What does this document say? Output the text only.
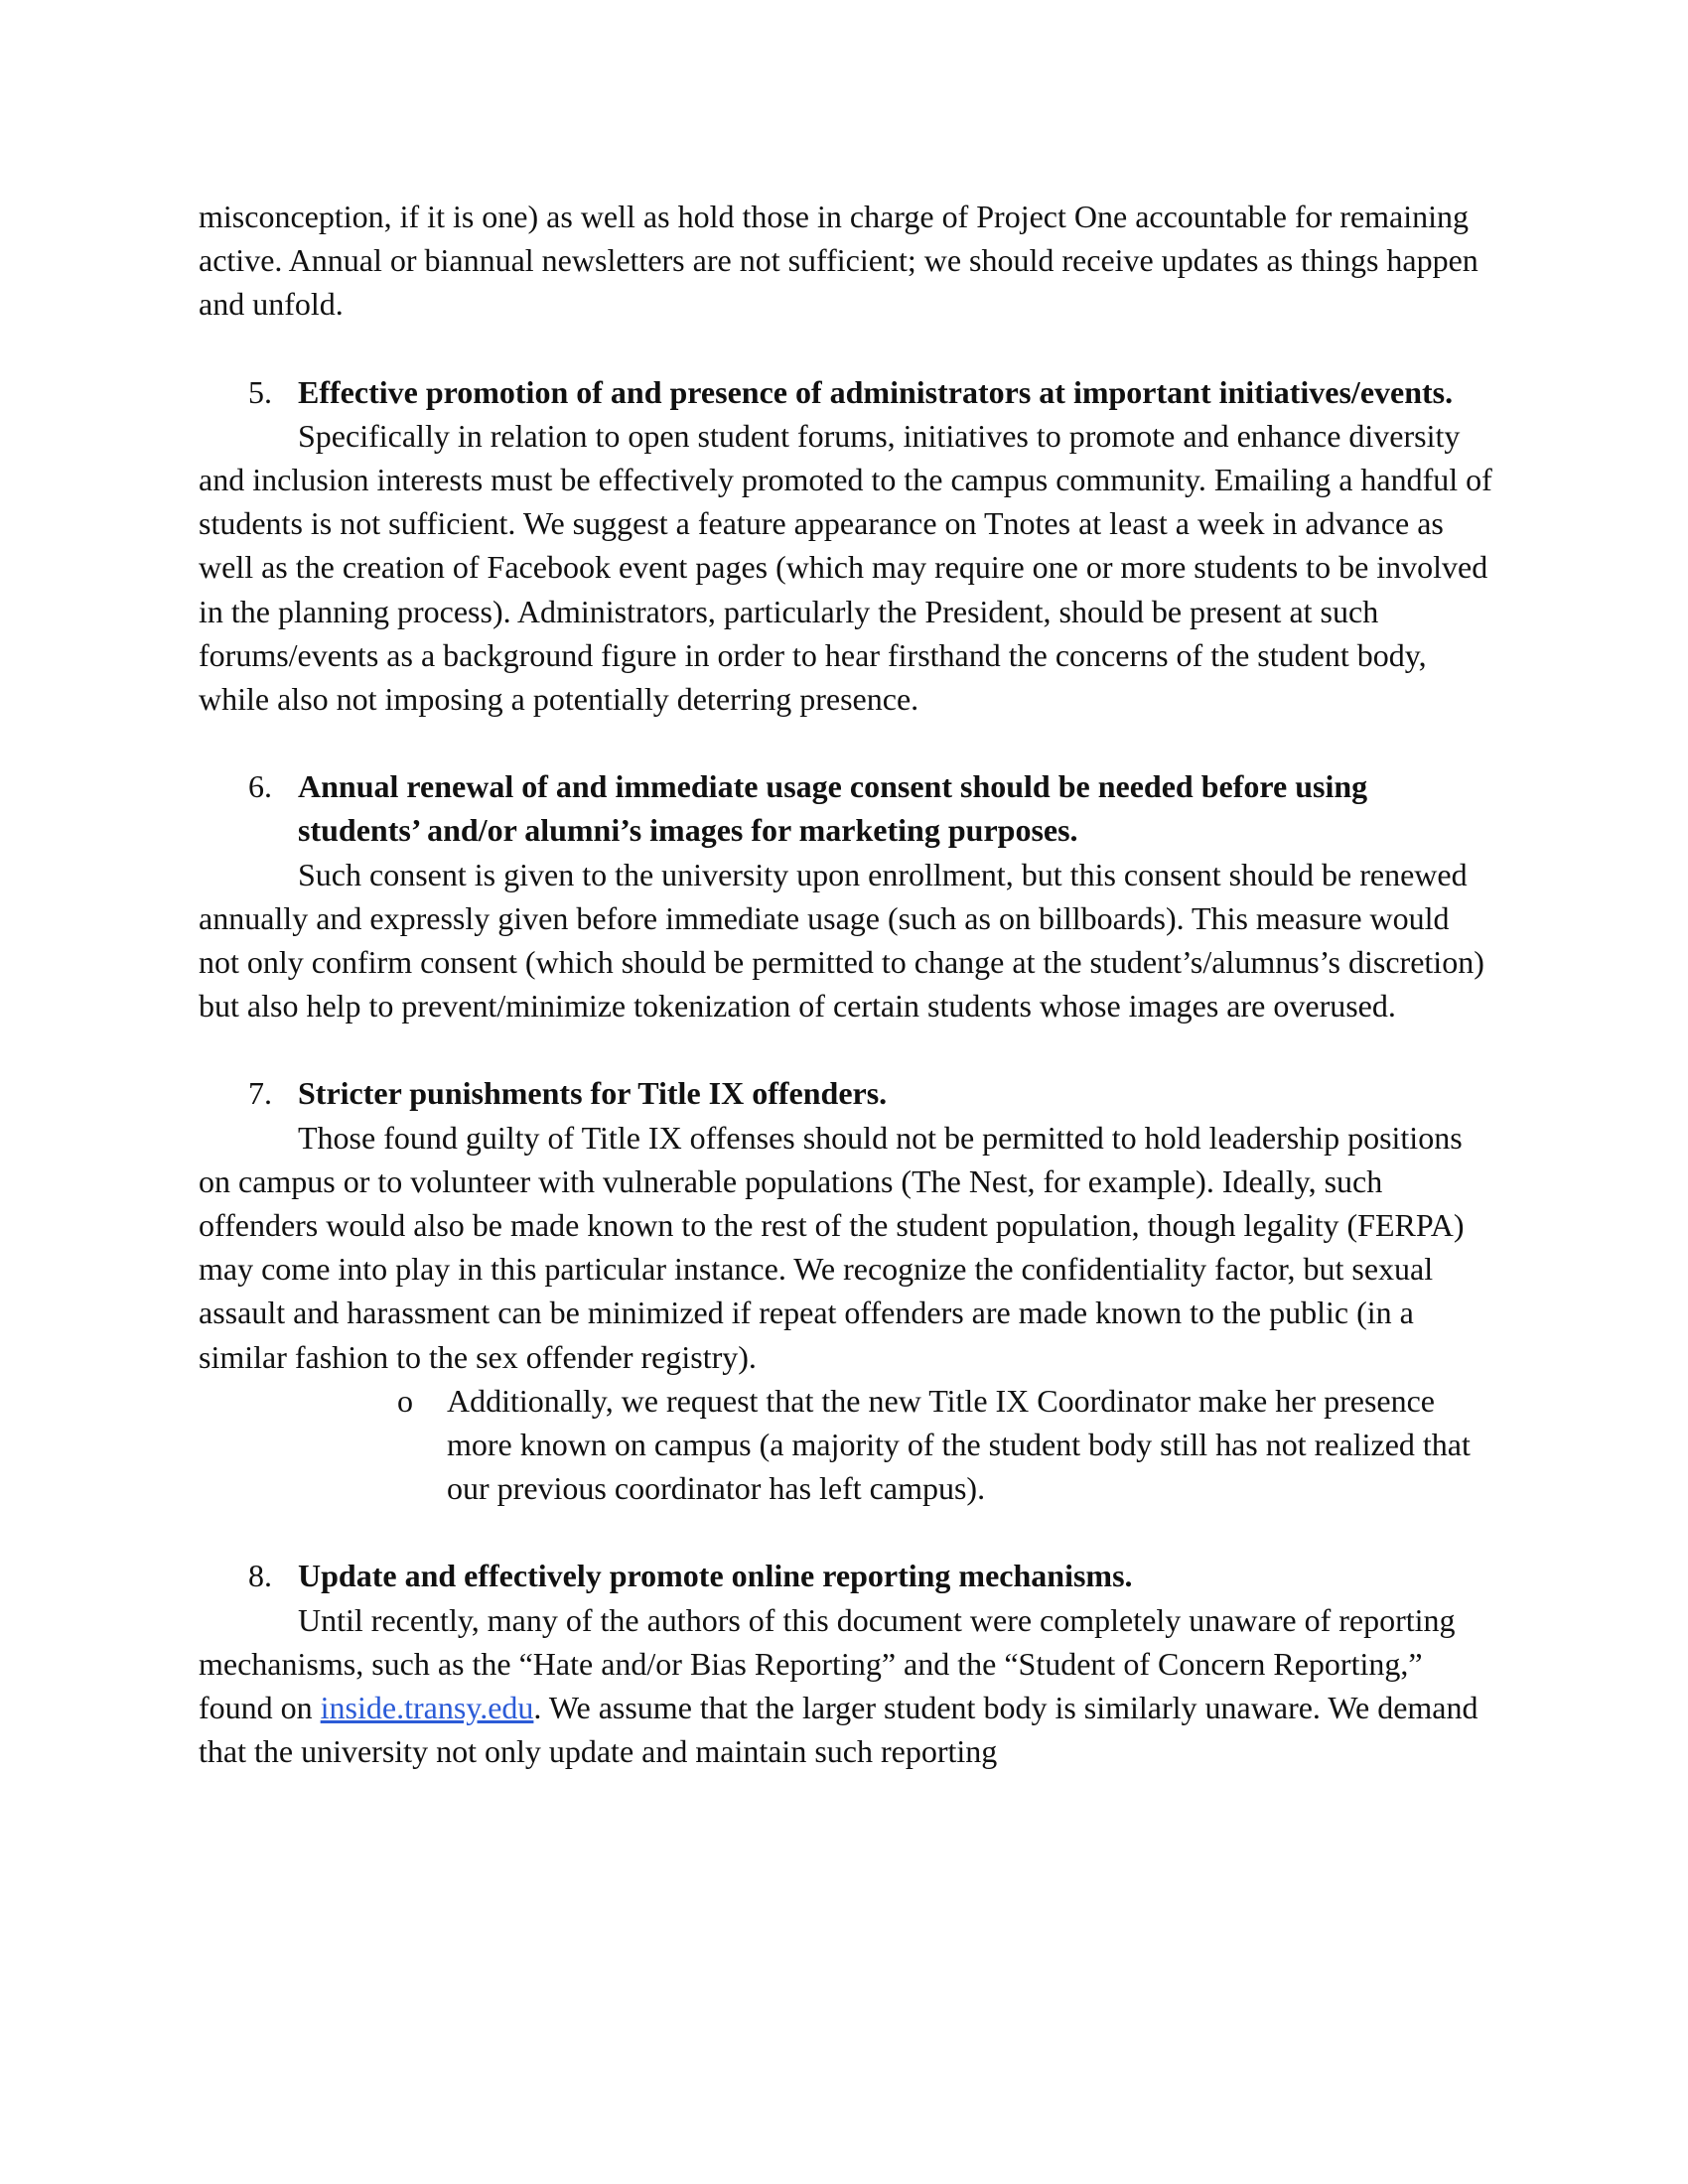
misconception, if it is one) as well as hold those in charge of Project One accountable for remaining active. Annual or biannual newsletters are not sufficient; we should receive updates as things happen and unfold.

5. Effective promotion of and presence of administrators at important initiatives/events.

Specifically in relation to open student forums, initiatives to promote and enhance diversity and inclusion interests must be effectively promoted to the campus community. Emailing a handful of students is not sufficient. We suggest a feature appearance on Tnotes at least a week in advance as well as the creation of Facebook event pages (which may require one or more students to be involved in the planning process). Administrators, particularly the President, should be present at such forums/events as a background figure in order to hear firsthand the concerns of the student body, while also not imposing a potentially deterring presence.

6. Annual renewal of and immediate usage consent should be needed before using students’ and/or alumni’s images for marketing purposes.

Such consent is given to the university upon enrollment, but this consent should be renewed annually and expressly given before immediate usage (such as on billboards). This measure would not only confirm consent (which should be permitted to change at the student’s/alumnus’s discretion) but also help to prevent/minimize tokenization of certain students whose images are overused.

7. Stricter punishments for Title IX offenders.

Those found guilty of Title IX offenses should not be permitted to hold leadership positions on campus or to volunteer with vulnerable populations (The Nest, for example). Ideally, such offenders would also be made known to the rest of the student population, though legality (FERPA) may come into play in this particular instance. We recognize the confidentiality factor, but sexual assault and harassment can be minimized if repeat offenders are made known to the public (in a similar fashion to the sex offender registry).

o Additionally, we request that the new Title IX Coordinator make her presence more known on campus (a majority of the student body still has not realized that our previous coordinator has left campus).

8. Update and effectively promote online reporting mechanisms.

Until recently, many of the authors of this document were completely unaware of reporting mechanisms, such as the “Hate and/or Bias Reporting” and the “Student of Concern Reporting,” found on inside.transy.edu. We assume that the larger student body is similarly unaware. We demand that the university not only update and maintain such reporting
